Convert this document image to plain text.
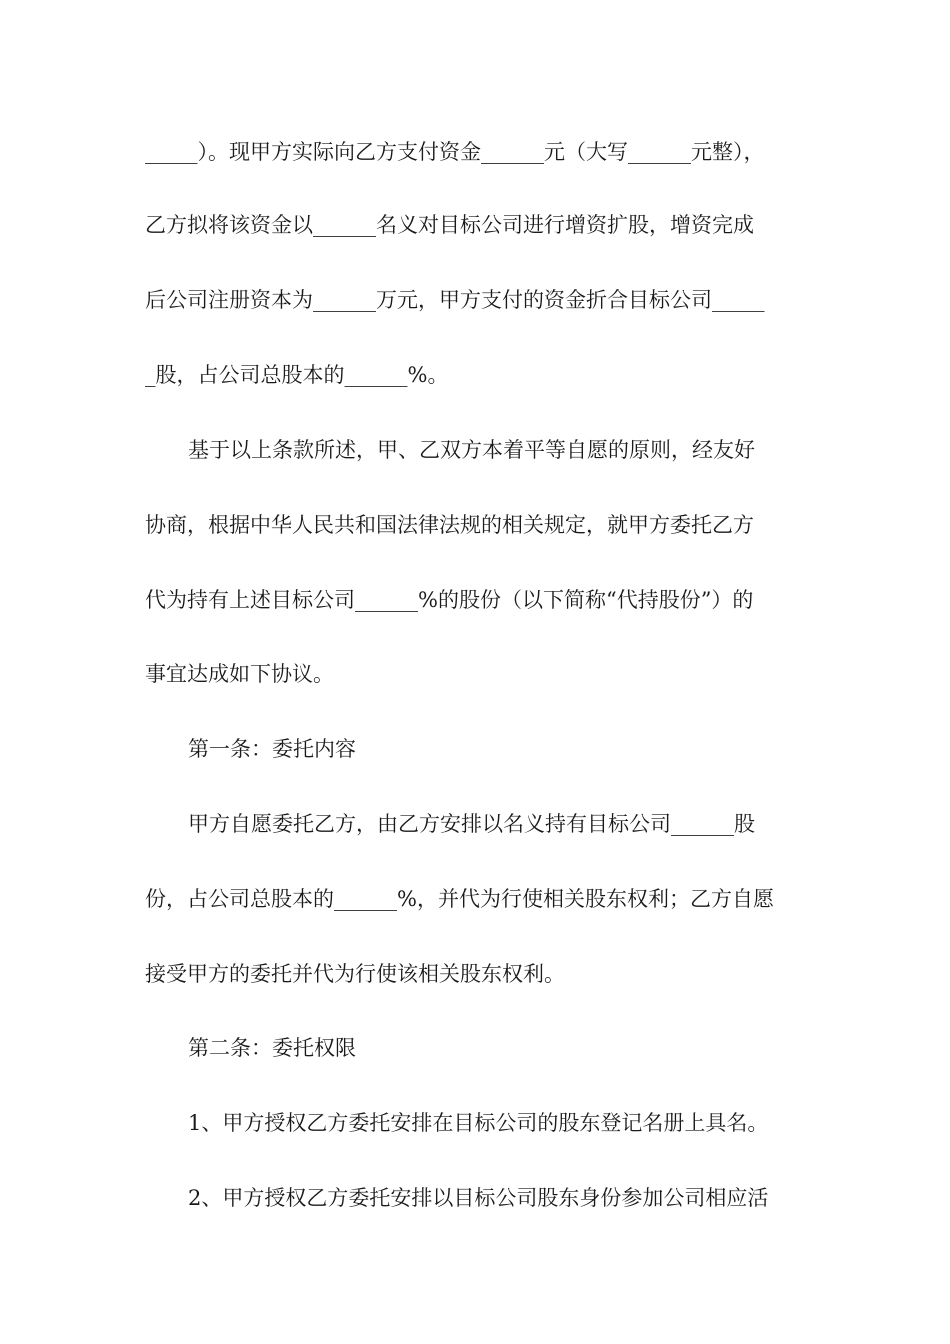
_____）。现甲方实际向乙方支付资金______元（大写______元整），
乙方拟将该资金以______名义对目标公司进行增资扩股，增资完成
后公司注册资本为______万元，甲方支付的资金折合目标公司_____
_股，占公司总股本的______%。
基于以上条款所述，甲、乙双方本着平等自愿的原则，经友好
协商，根据中华人民共和国法律法规的相关规定，就甲方委托乙方
代为持有上述目标公司______%的股份（以下简称“代持股份”）的
事宜达成如下协议。
第一条：委托内容
甲方自愿委托乙方，由乙方安排以名义持有目标公司______股
份，占公司总股本的______%，并代为行使相关股东权利；乙方自愿
接受甲方的委托并代为行使该相关股东权利。
第二条：委托权限
1、甲方授权乙方委托安排在目标公司的股东登记名册上具名。
2、甲方授权乙方委托安排以目标公司股东身份参加公司相应活
